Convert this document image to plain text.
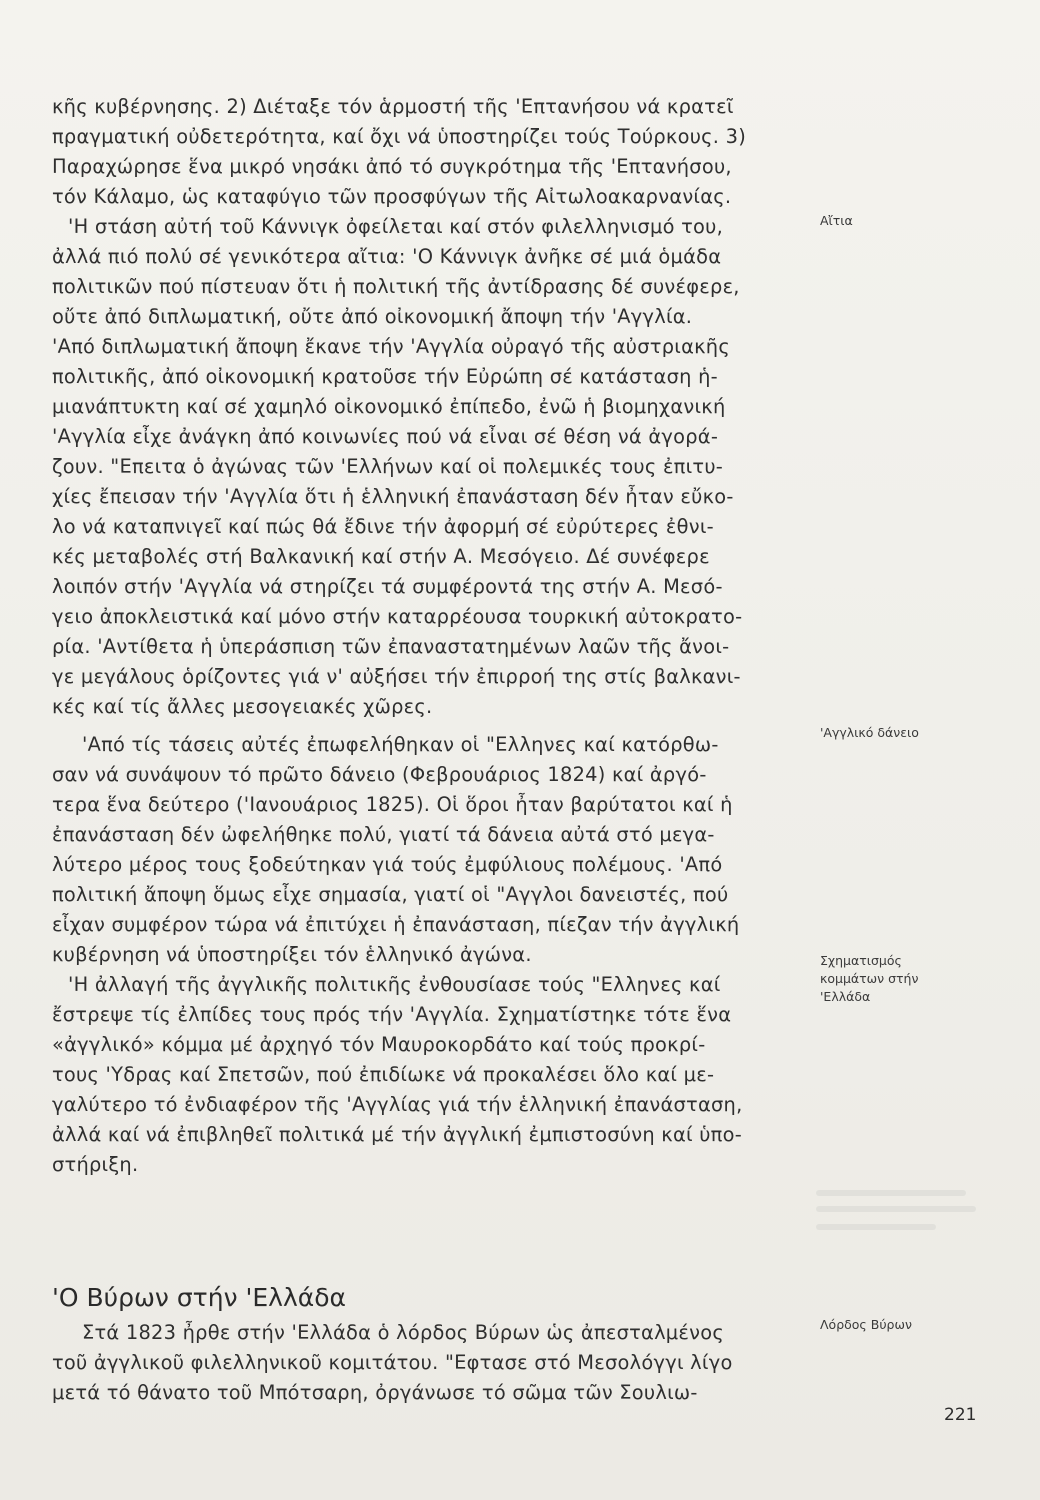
κῆς κυβέρνησης. 2) Διέταξε τόν ἁρμοστή τῆς 'Επτανήσου νά κρατεῖ
πραγματική οὐδετερότητα, καί ὄχι νά ὑποστηρίζει τούς Τούρκους. 3)
Παραχώρησε ἕνα μικρό νησάκι ἀπό τό συγκρότημα τῆς 'Επτανήσου,
τόν Κάλαμο, ὡς καταφύγιο τῶν προσφύγων τῆς Αἰτωλοακαρνανίας.
'Η στάση αὐτή τοῦ Κάννιγκ ὀφείλεται καί στόν φιλελληνισμό του,
ἀλλά πιό πολύ σέ γενικότερα αἴτια: 'Ο Κάννιγκ ἀνῆκε σέ μιά ὁμάδα
πολιτικῶν πού πίστευαν ὅτι ἡ πολιτική τῆς ἀντίδρασης δέ συνέφερε,
οὔτε ἀπό διπλωματική, οὔτε ἀπό οἰκονομική ἄποψη τήν 'Αγγλία.
'Από διπλωματική ἄποψη ἔκανε τήν 'Αγγλία οὐραγό τῆς αὐστριακῆς
πολιτικῆς, ἀπό οἰκονομική κρατοῦσε τήν Εὐρώπη σέ κατάσταση ἡ-
μιανάπτυκτη καί σέ χαμηλό οἰκονομικό ἐπίπεδο, ἐνῶ ἡ βιομηχανική
'Αγγλία εἶχε ἀνάγκη ἀπό κοινωνίες πού νά εἶναι σέ θέση νά ἀγορά-
ζουν. "Επειτα ὁ ἀγώνας τῶν 'Ελλήνων καί οἱ πολεμικές τους ἐπιτυ-
χίες ἔπεισαν τήν 'Αγγλία ὅτι ἡ ἑλληνική ἐπανάσταση δέν ἦταν εὔκο-
λο νά καταπνιγεῖ καί πώς θά ἔδινε τήν ἀφορμή σέ εὐρύτερες ἐθνι-
κές μεταβολές στή Βαλκανική καί στήν Α. Μεσόγειο. Δέ συνέφερε
λοιπόν στήν 'Αγγλία νά στηρίζει τά συμφέροντά της στήν Α. Μεσό-
γειο ἀποκλειστικά καί μόνο στήν καταρρέουσα τουρκική αὐτοκρατο-
ρία. 'Αντίθετα ἡ ὑπεράσπιση τῶν ἐπαναστατημένων λαῶν τῆς ἄνοι-
γε μεγάλους ὁρίζοντες γιά ν' αὐξήσει τήν ἐπιρροή της στίς βαλκανι-
κές καί τίς ἄλλες μεσογειακές χῶρες.
'Από τίς τάσεις αὐτές ἐπωφελήθηκαν οἱ "Ελληνες καί κατόρθω-
σαν νά συνάψουν τό πρῶτο δάνειο (Φεβρουάριος 1824) καί ἀργό-
τερα ἕνα δεύτερο ('Ιανουάριος 1825). Οἱ ὅροι ἦταν βαρύτατοι καί ἡ
ἐπανάσταση δέν ὠφελήθηκε πολύ, γιατί τά δάνεια αὐτά στό μεγα-
λύτερο μέρος τους ξοδεύτηκαν γιά τούς ἐμφύλιους πολέμους. 'Από
πολιτική ἄποψη ὅμως εἶχε σημασία, γιατί οἱ "Αγγλοι δανειστές, πού
εἶχαν συμφέρον τώρα νά ἐπιτύχει ἡ ἐπανάσταση, πίεζαν τήν ἀγγλική
κυβέρνηση νά ὑποστηρίξει τόν ἑλληνικό ἀγώνα.
'Η ἀλλαγή τῆς ἀγγλικῆς πολιτικῆς ἐνθουσίασε τούς "Ελληνες καί
ἔστρεψε τίς ἐλπίδες τους πρός τήν 'Αγγλία. Σχηματίστηκε τότε ἕνα
«ἀγγλικό» κόμμα μέ ἀρχηγό τόν Μαυροκορδάτο καί τούς προκρί-
τους 'Υδρας καί Σπετσῶν, πού ἐπιδίωκε νά προκαλέσει ὅλο καί με-
γαλύτερο τό ἐνδιαφέρον τῆς 'Αγγλίας γιά τήν ἑλληνική ἐπανάσταση,
ἀλλά καί νά ἐπιβληθεῖ πολιτικά μέ τήν ἀγγλική ἐμπιστοσύνη καί ὑπο-
στήριξη.
Στά 1823 ἦρθε στήν 'Ελλάδα ὁ λόρδος Βύρων ὡς ἀπεσταλμένος
τοῦ ἀγγλικοῦ φιλελληνικοῦ κομιτάτου. "Εφτασε στό Μεσολόγγι λίγο
μετά τό θάνατο τοῦ Μπότσαρη, ὀργάνωσε τό σῶμα τῶν Σουλιω-
'Ο Βύρων στήν 'Ελλάδα
Αἴτια
'Αγγλικό δάνειο
Σχηματισμός
κομμάτων στήν
'Ελλάδα
Λόρδος Βύρων
221
